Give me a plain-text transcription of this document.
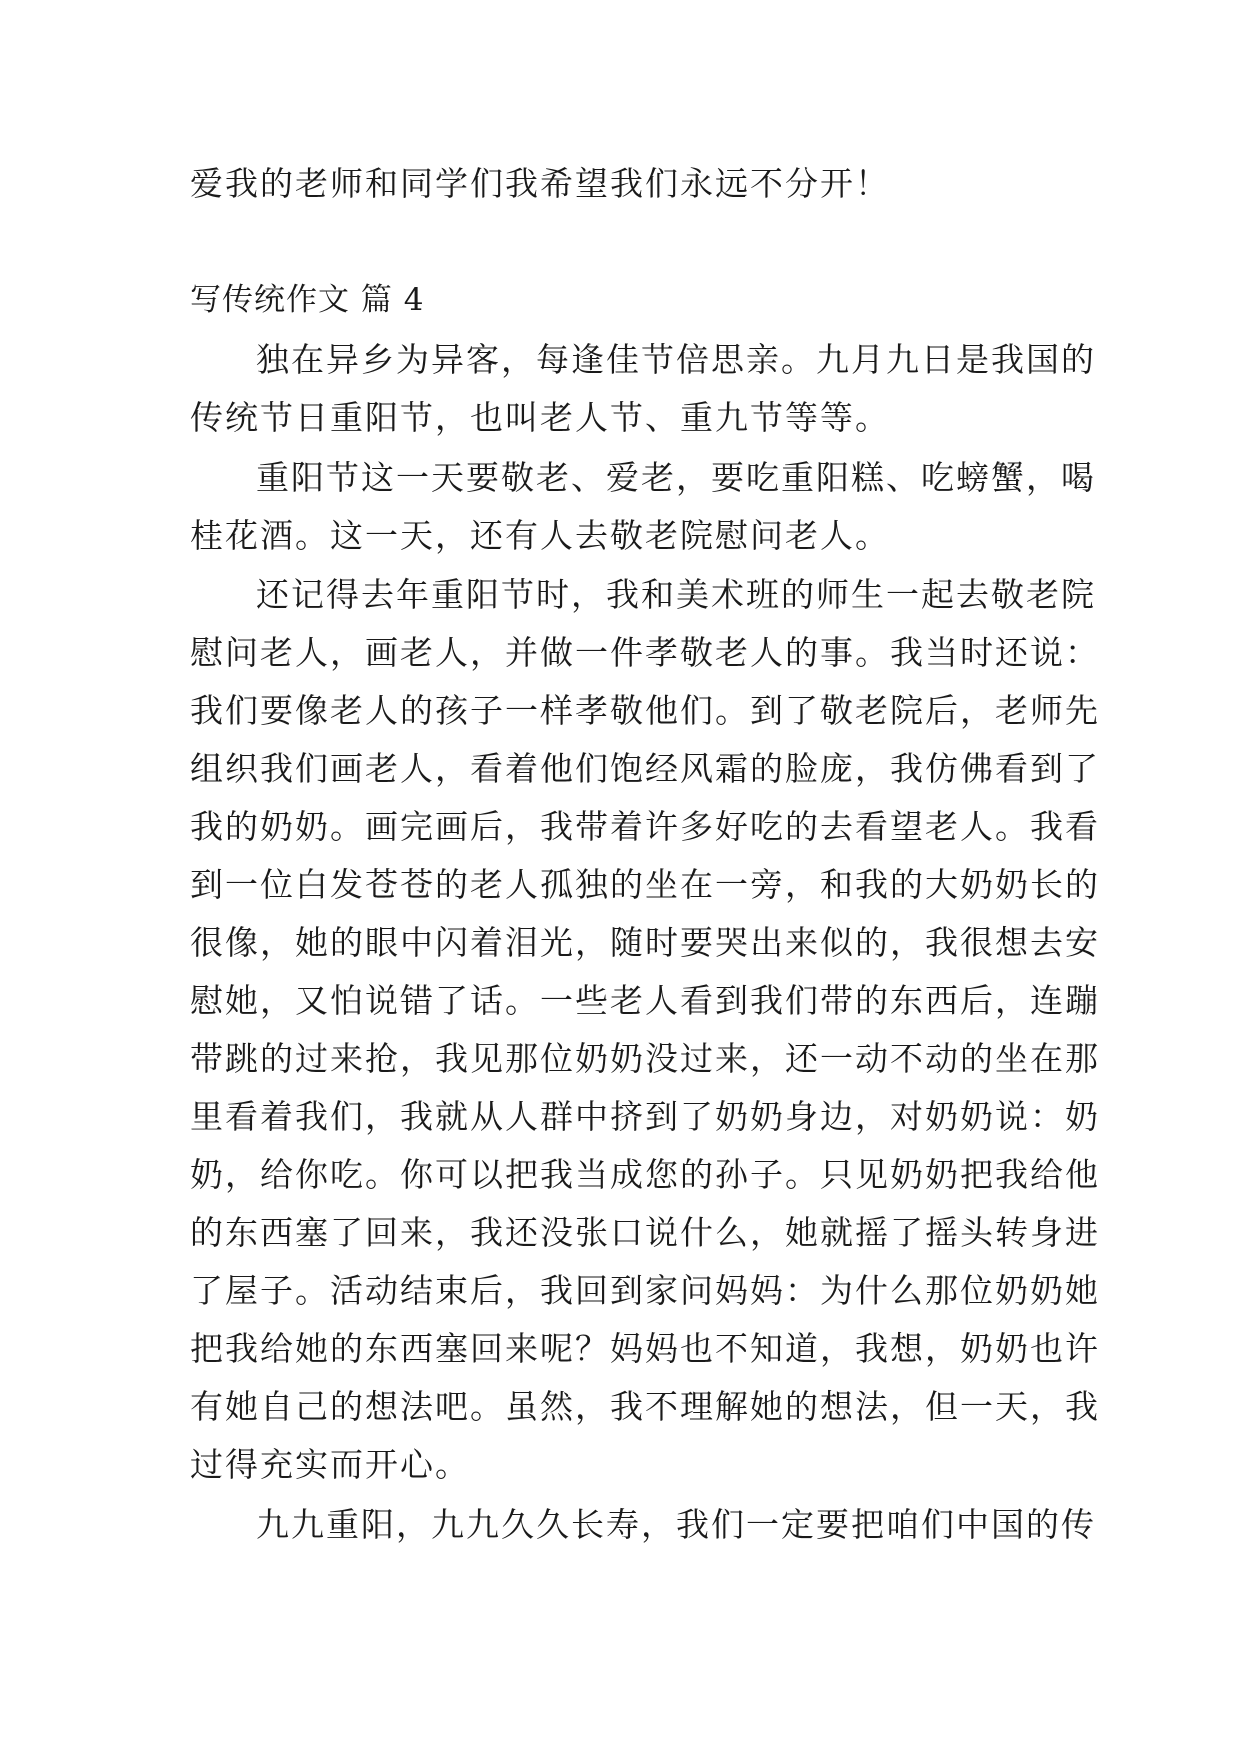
爱我的老师和同学们我希望我们永远不分开！
写传统作文 篇 4
独在异乡为异客，每逢佳节倍思亲。九月九日是我国的
传统节日重阳节，也叫老人节、重九节等等。
重阳节这一天要敬老、爱老，要吃重阳糕、吃螃蟹，喝
桂花酒。这一天，还有人去敬老院慰问老人。
还记得去年重阳节时，我和美术班的师生一起去敬老院
慰问老人，画老人，并做一件孝敬老人的事。我当时还说：
我们要像老人的孩子一样孝敬他们。到了敬老院后，老师先
组织我们画老人，看着他们饱经风霜的脸庞，我仿佛看到了
我的奶奶。画完画后，我带着许多好吃的去看望老人。我看
到一位白发苍苍的老人孤独的坐在一旁，和我的大奶奶长的
很像，她的眼中闪着泪光，随时要哭出来似的，我很想去安
慰她，又怕说错了话。一些老人看到我们带的东西后，连蹦
带跳的过来抢，我见那位奶奶没过来，还一动不动的坐在那
里看着我们，我就从人群中挤到了奶奶身边，对奶奶说：奶
奶，给你吃。你可以把我当成您的孙子。只见奶奶把我给他
的东西塞了回来，我还没张口说什么，她就摇了摇头转身进
了屋子。活动结束后，我回到家问妈妈：为什么那位奶奶她
把我给她的东西塞回来呢？妈妈也不知道，我想，奶奶也许
有她自己的想法吧。虽然，我不理解她的想法，但一天，我
过得充实而开心。
九九重阳，九九久久长寿，我们一定要把咱们中国的传
